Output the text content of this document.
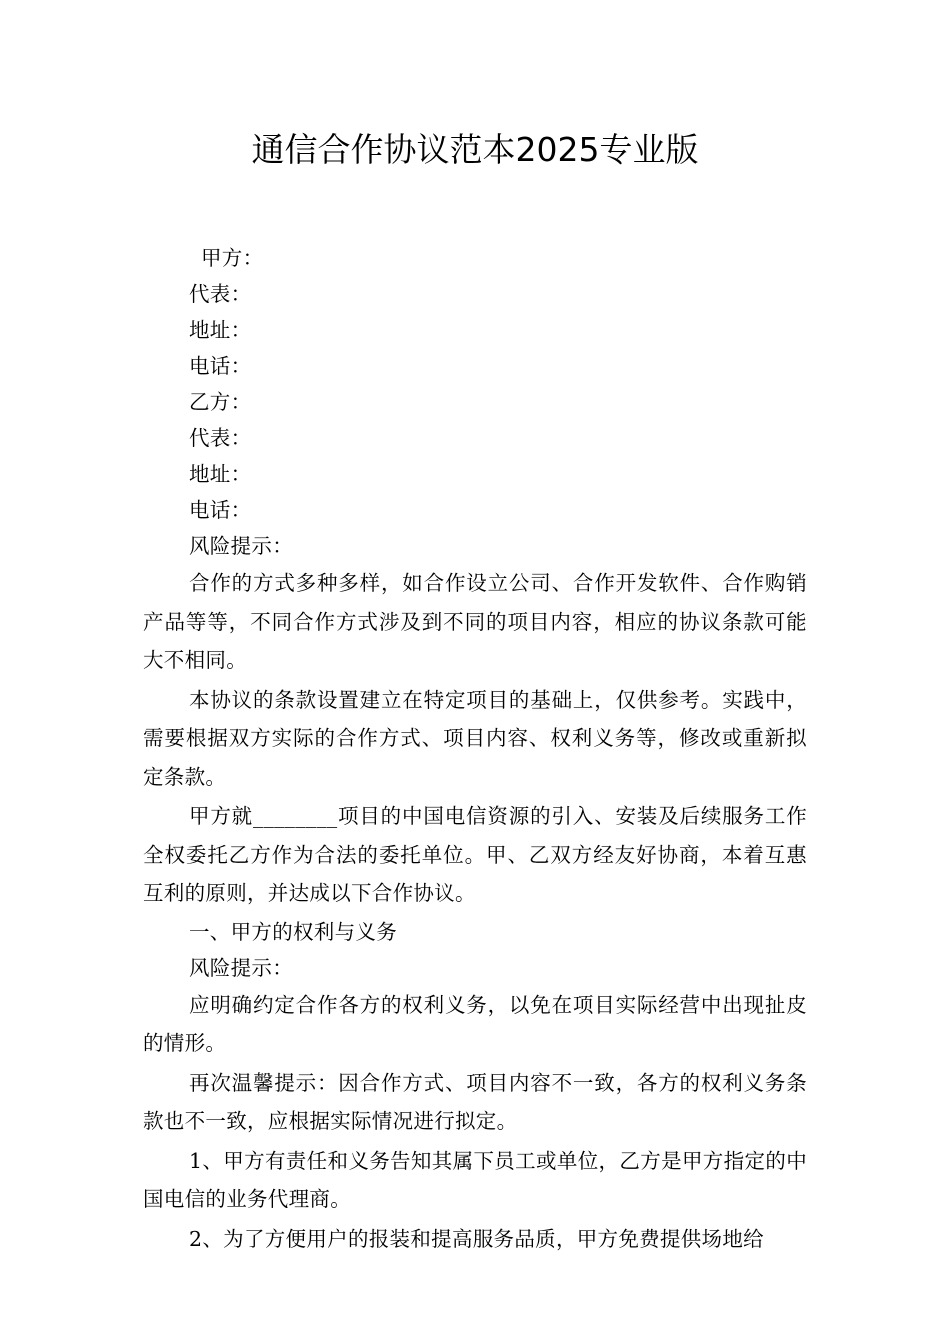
通信合作协议范本2025专业版
甲方：
代表：
地址：
电话：
乙方：
代表：
地址：
电话：
风险提示：

合作的方式多种多样，如合作设立公司、合作开发软件、合作购销产品等等，不同合作方式涉及到不同的项目内容，相应的协议条款可能大不相同。

本协议的条款设置建立在特定项目的基础上，仅供参考。实践中，需要根据双方实际的合作方式、项目内容、权利义务等，修改或重新拟定条款。

甲方就________项目的中国电信资源的引入、安装及后续服务工作全权委托乙方作为合法的委托单位。甲、乙双方经友好协商，本着互惠互利的原则，并达成以下合作协议。

一、甲方的权利与义务
风险提示：

应明确约定合作各方的权利义务，以免在项目实际经营中出现扯皮的情形。

再次温馨提示：因合作方式、项目内容不一致，各方的权利义务条款也不一致，应根据实际情况进行拟定。

1、甲方有责任和义务告知其属下员工或单位，乙方是甲方指定的中国电信的业务代理商。

2、为了方便用户的报装和提高服务品质，甲方免费提供场地给
